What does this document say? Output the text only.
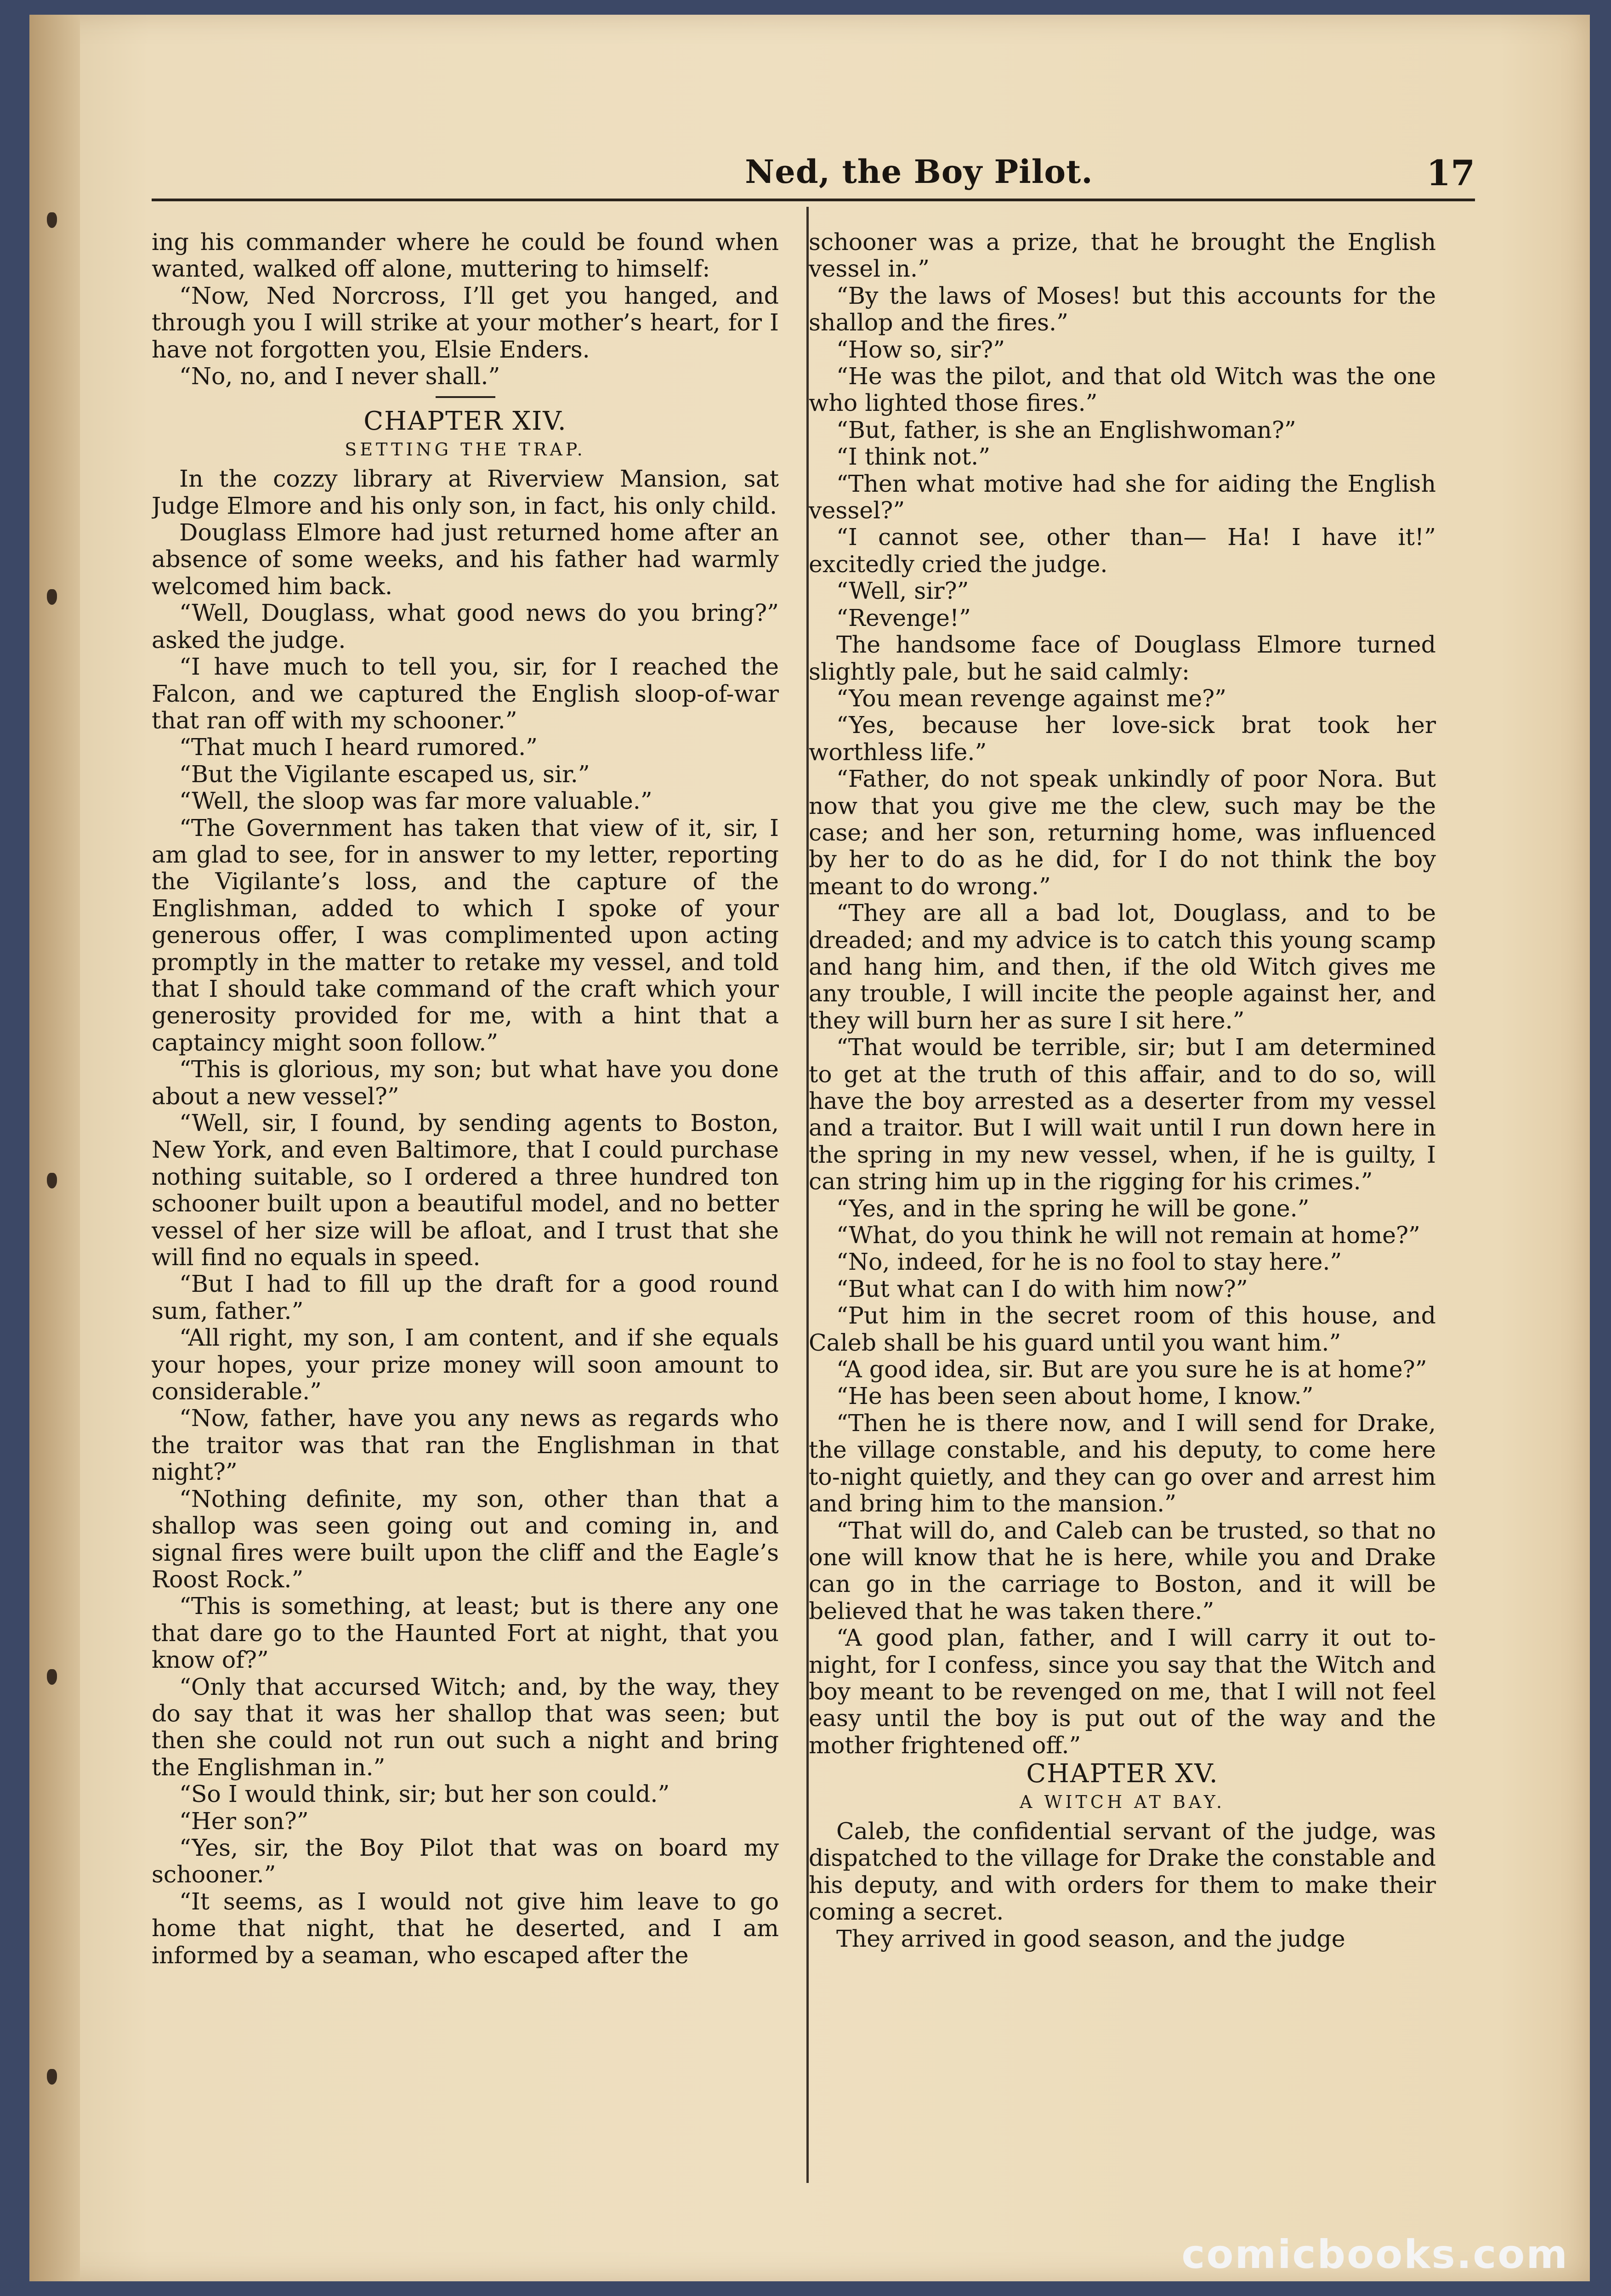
Ned, the Boy Pilot.	17

ing his commander where he could be found when wanted, walked off alone, muttering to himself:

“Now, Ned Norcross, I’ll get you hanged, and through you I will strike at your mother’s heart, for I have not forgotten you, Elsie Enders.

“No, no, and I never shall.”

CHAPTER XIV.

SETTING THE TRAP.

In the cozzy library at Riverview Mansion, sat Judge Elmore and his only son, in fact, his only child.

Douglass Elmore had just returned home after an absence of some weeks, and his father had warmly welcomed him back.

“Well, Douglass, what good news do you bring?” asked the judge.

“I have much to tell you, sir, for I reached the Falcon, and we captured the English sloop-of-war that ran off with my schooner.”

“That much I heard rumored.”

“But the Vigilante escaped us, sir.”

“Well, the sloop was far more valuable.”

“The Government has taken that view of it, sir, I am glad to see, for in answer to my letter, reporting the Vigilante’s loss, and the capture of the Englishman, added to which I spoke of your generous offer, I was complimented upon acting promptly in the matter to retake my vessel, and told that I should take command of the craft which your generosity provided for me, with a hint that a captaincy might soon follow.”

“This is glorious, my son; but what have you done about a new vessel?”

“Well, sir, I found, by sending agents to Boston, New York, and even Baltimore, that I could purchase nothing suitable, so I ordered a three hundred ton schooner built upon a beautiful model, and no better vessel of her size will be afloat, and I trust that she will find no equals in speed.

“But I had to fill up the draft for a good round sum, father.”

“All right, my son, I am content, and if she equals your hopes, your prize money will soon amount to considerable.”

“Now, father, have you any news as regards who the traitor was that ran the Englishman in that night?”

“Nothing definite, my son, other than that a shallop was seen going out and coming in, and signal fires were built upon the cliff and the Eagle’s Roost Rock.”

“This is something, at least; but is there any one that dare go to the Haunted Fort at night, that you know of?”

“Only that accursed Witch; and, by the way, they do say that it was her shallop that was seen; but then she could not run out such a night and bring the Englishman in.”

“So I would think, sir; but her son could.”

“Her son?”

“Yes, sir, the Boy Pilot that was on board my schooner.”

“It seems, as I would not give him leave to go home that night, that he deserted, and I am informed by a seaman, who escaped after the

schooner was a prize, that he brought the English vessel in.”

“By the laws of Moses! but this accounts for the shallop and the fires.”

“How so, sir?”

“He was the pilot, and that old Witch was the one who lighted those fires.”

“But, father, is she an Englishwoman?”

“I think not.”

“Then what motive had she for aiding the English vessel?”

“I cannot see, other than— Ha! I have it!” excitedly cried the judge.

“Well, sir?”

“Revenge!”

The handsome face of Douglass Elmore turned slightly pale, but he said calmly:

“You mean revenge against me?”

“Yes, because her love-sick brat took her worthless life.”

“Father, do not speak unkindly of poor Nora. But now that you give me the clew, such may be the case; and her son, returning home, was influenced by her to do as he did, for I do not think the boy meant to do wrong.”

“They are all a bad lot, Douglass, and to be dreaded; and my advice is to catch this young scamp and hang him, and then, if the old Witch gives me any trouble, I will incite the people against her, and they will burn her as sure I sit here.”

“That would be terrible, sir; but I am determined to get at the truth of this affair, and to do so, will have the boy arrested as a deserter from my vessel and a traitor. But I will wait until I run down here in the spring in my new vessel, when, if he is guilty, I can string him up in the rigging for his crimes.”

“Yes, and in the spring he will be gone.”

“What, do you think he will not remain at home?”

“No, indeed, for he is no fool to stay here.”

“But what can I do with him now?”

“Put him in the secret room of this house, and Caleb shall be his guard until you want him.”

“A good idea, sir. But are you sure he is at home?”

“He has been seen about home, I know.”

“Then he is there now, and I will send for Drake, the village constable, and his deputy, to come here to-night quietly, and they can go over and arrest him and bring him to the mansion.”

“That will do, and Caleb can be trusted, so that no one will know that he is here, while you and Drake can go in the carriage to Boston, and it will be believed that he was taken there.”

“A good plan, father, and I will carry it out to-night, for I confess, since you say that the Witch and boy meant to be revenged on me, that I will not feel easy until the boy is put out of the way and the mother frightened off.”

CHAPTER XV.

A WITCH AT BAY.

Caleb, the confidential servant of the judge, was dispatched to the village for Drake the constable and his deputy, and with orders for them to make their coming a secret.

They arrived in good season, and the judge

comicbooks.com
